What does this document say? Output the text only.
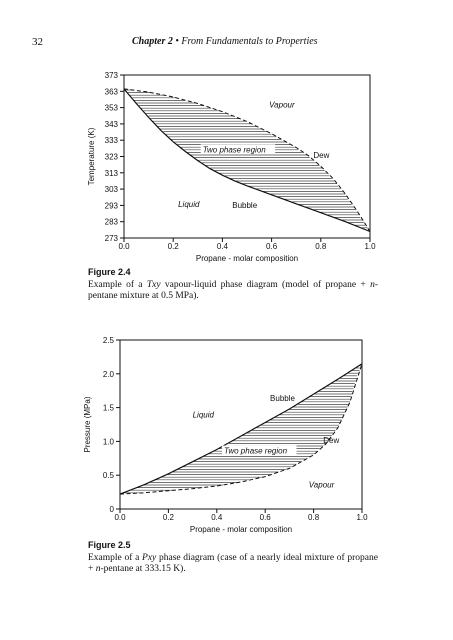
32	Chapter 2 • From Fundamentals to Properties
0.0	0.2	0.4	0.6	0.8	1.0
273
283
293
303
313
323
333
343
353
363
373
Propane - molar composition
Temperature (K)
Vapour
Dew
Two phase region
Liquid	Bubble
0.0	0.2	0.4	0.6	0.8	1.0
0
0.5
1.0
1.5
2.0
2.5
Propane - molar composition
Pressure (MPa)	Bubble
Liquid
Dew
Two phase region
Vapour
Figure 2.4
Example of a Txy vapour-liquid phase diagram (model of propane + n-pentane mixture at 0.5 MPa).
Figure 2.5
Example of a Pxy phase diagram (case of a nearly ideal mixture of propane + n-pentane at 333.15 K).
